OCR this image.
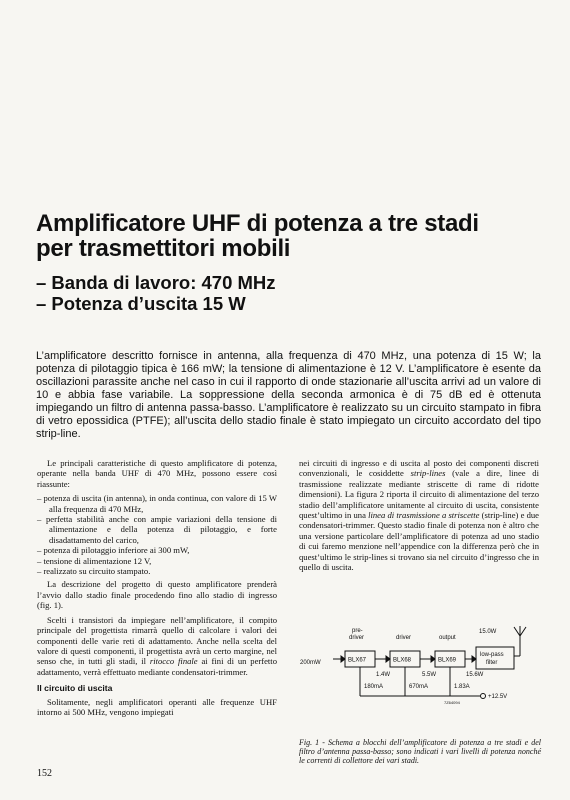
Amplificatore UHF di potenza a tre stadi
per trasmettitori mobili
– Banda di lavoro: 470 MHz
– Potenza d’uscita 15 W
L’amplificatore descritto fornisce in antenna, alla frequenza di 470 MHz, una potenza di 15 W; la potenza di pilotaggio tipica è 166 mW; la tensione di alimentazione è 12 V. L’amplificatore è esente da oscillazioni parassite anche nel caso in cui il rapporto di onde stazionarie all’uscita arrivi ad un valore di 10 e abbia fase variabile. La soppressione della seconda armonica è di 75 dB ed è ottenuta impiegando un filtro di antenna passa-basso. L’amplificatore è realizzato su un circuito stampato in fibra di vetro epossidica (PTFE); all’uscita dello stadio finale è stato impiegato un circuito accordato del tipo strip-line.

Le principali caratteristiche di questo amplificatore di potenza, operante nella banda UHF di 470 MHz, possono essere così riassunte:

– potenza di uscita (in antenna), in onda continua, con valore di 15 W alla frequenza di 470 MHz,
– perfetta stabilità anche con ampie variazioni della tensione di alimentazione e della potenza di pilotaggio, e forte disadattamento del carico,
– potenza di pilotaggio inferiore ai 300 mW,
– tensione di alimentazione 12 V,
– realizzato su circuito stampato.

La descrizione del progetto di questo amplificatore prenderà l’avvio dallo stadio finale procedendo fino allo stadio di ingresso (fig. 1).

Scelti i transistori da impiegare nell’amplificatore, il compito principale del progettista rimarrà quello di calcolare i valori dei componenti delle varie reti di adattamento. Anche nella scelta del valore di questi componenti, il progettista avrà un certo margine, nel senso che, in tutti gli stadi, il ritocco finale ai fini di un perfetto adattamento, verrà effettuato mediante condensatori-trimmer.

Il circuito di uscita

Solitamente, negli amplificatori operanti alle frequenze UHF intorno ai 500 MHz, vengono impiegati

nei circuiti di ingresso e di uscita al posto dei componenti discreti convenzionali, le cosiddette strip-lines (vale a dire, linee di trasmissione realizzate mediante striscette di rame di ridotte dimensioni). La figura 2 riporta il circuito di alimentazione del terzo stadio dell’amplificatore unitamente al circuito di uscita, consistente quest’ultimo in una linea di trasmissione a striscette (strip-line) e due condensatori-trimmer. Questo stadio finale di potenza non è altro che una versione particolare dell’amplificatore di potenza ad uno stadio di cui faremo menzione nell’appendice con la differenza però che in quest’ultimo le strip-lines si trovano sia nel circuito d’ingresso che in quello di uscita.

pre-
driver	driver	output
15.0W
200mW	BLX67	BLX68	BLX69
low-pass
filter
1.4W	5.5W	15.6W
180mA	670mA	1.83A
+12.5V
7Z64094
Fig. 1 - Schema a blocchi dell’amplificatore di potenza a tre stadi e del filtro d’antenna passa-basso; sono indicati i vari livelli di potenza nonché le correnti di collettore dei vari stadi.
152
